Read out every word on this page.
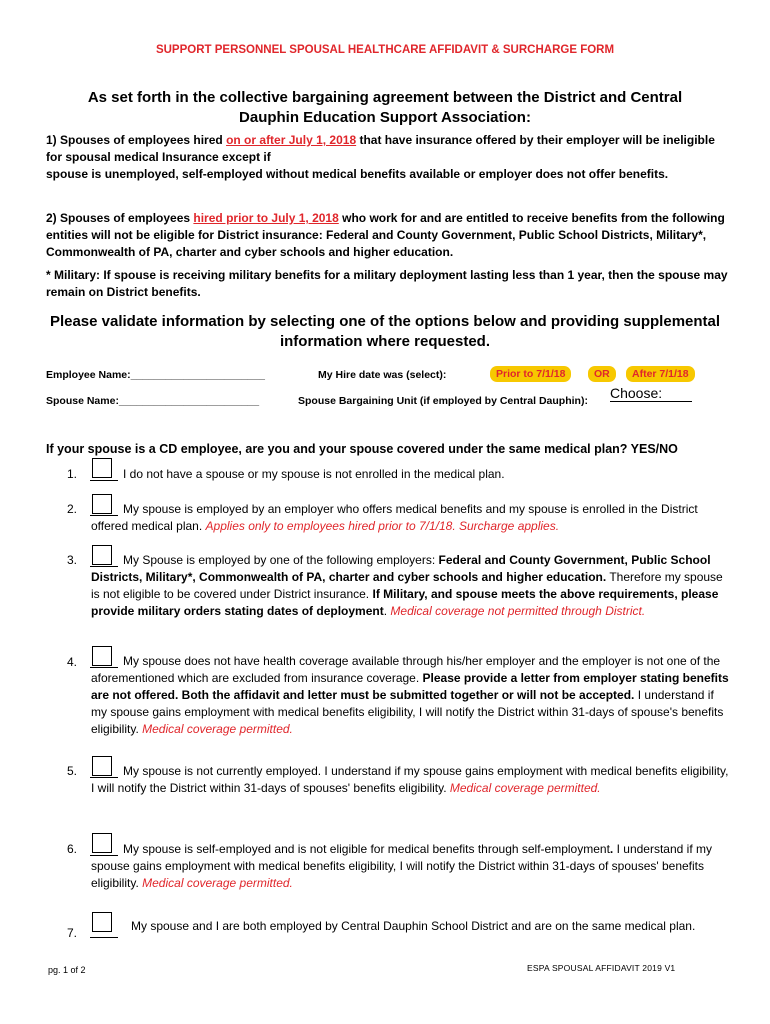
SUPPORT PERSONNEL SPOUSAL HEALTHCARE AFFIDAVIT & SURCHARGE FORM
As set forth in the collective bargaining agreement between the District and Central Dauphin Education Support Association:
1) Spouses of employees hired on or after July 1, 2018 that have insurance offered by their employer will be ineligible for spousal medical Insurance except if
spouse is unemployed, self-employed without medical benefits available or employer does not offer benefits.
2) Spouses of employees hired prior to July 1, 2018 who work for and are entitled to receive benefits from the following entities will not be eligible for District insurance: Federal and County Government, Public School Districts, Military*, Commonwealth of PA, charter and cyber schools and higher education.
* Military: If spouse is receiving military benefits for a military deployment lasting less than 1 year, then the spouse may remain on District benefits.
Please validate information by selecting one of the options below and providing supplemental information where requested.
Employee Name:_______________________	My Hire date was (select):	Prior to 7/1/18	OR	After 7/1/18
Spouse Name:________________________	Spouse Bargaining Unit (if employed by Central Dauphin): Choose:
If your spouse is a CD employee, are you and your spouse covered under the same medical plan? YES/NO
1.	I do not have a spouse or my spouse is not enrolled in the medical plan.
2.	My spouse is employed by an employer who offers medical benefits and my spouse is enrolled in the District offered medical plan. Applies only to employees hired prior to 7/1/18. Surcharge applies.
3.	My Spouse is employed by one of the following employers: Federal and County Government, Public School Districts, Military*, Commonwealth of PA, charter and cyber schools and higher education. Therefore my spouse is not eligible to be covered under District insurance. If Military, and spouse meets the above requirements, please provide military orders stating dates of deployment. Medical coverage not permitted through District.
4.	My spouse does not have health coverage available through his/her employer and the employer is not one of the aforementioned which are excluded from insurance coverage. Please provide a letter from employer stating benefits are not offered. Both the affidavit and letter must be submitted together or will not be accepted. I understand if my spouse gains employment with medical benefits eligibility, I will notify the District within 31-days of spouse's benefits eligibility. Medical coverage permitted.
5.	My spouse is not currently employed. I understand if my spouse gains employment with medical benefits eligibility, I will notify the District within 31-days of spouses' benefits eligibility. Medical coverage permitted.
6.	My spouse is self-employed and is not eligible for medical benefits through self-employment. I understand if my spouse gains employment with medical benefits eligibility, I will notify the District within 31-days of spouses' benefits eligibility. Medical coverage permitted.
7.	My spouse and I are both employed by Central Dauphin School District and are on the same medical plan.
pg. 1 of 2	ESPA SPOUSAL AFFIDAVIT 2019 V1
